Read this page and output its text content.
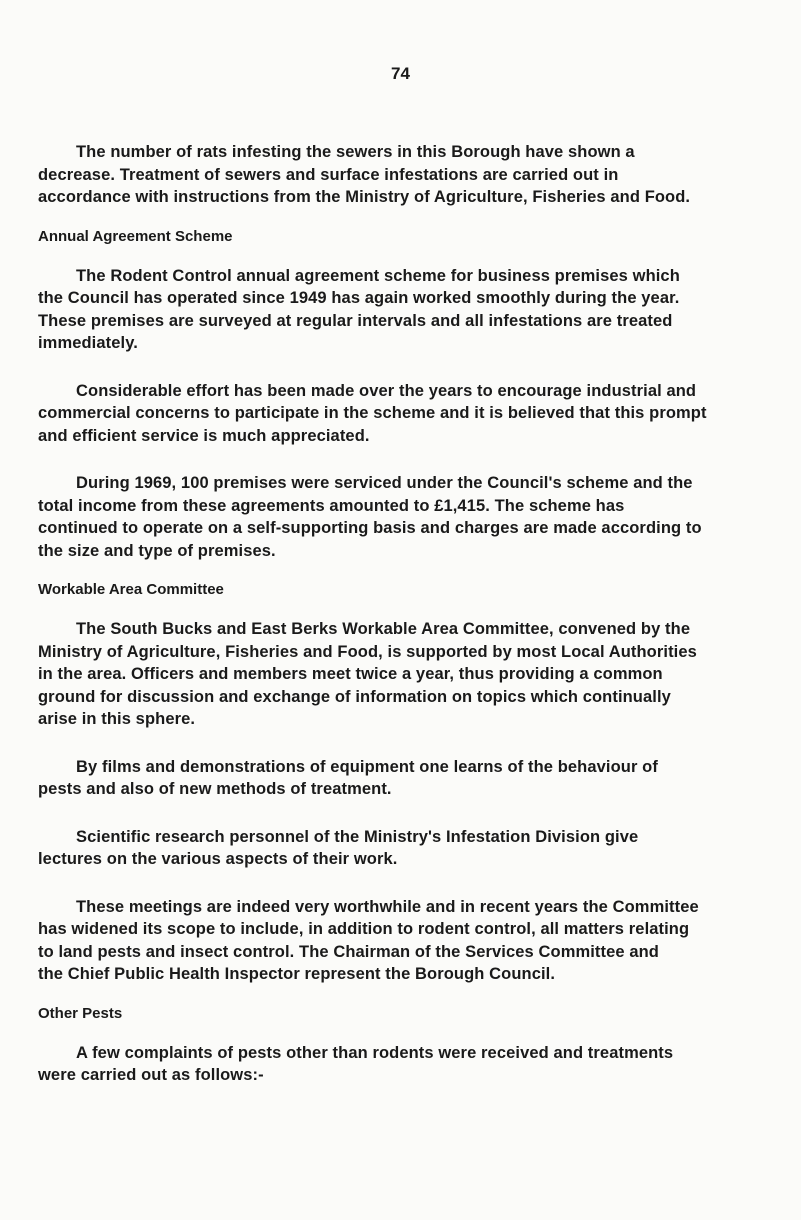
74
The number of rats infesting the sewers in this Borough have shown a
decrease. Treatment of sewers and surface infestations are carried out in
accordance with instructions from the Ministry of Agriculture, Fisheries and Food.
Annual Agreement Scheme
The Rodent Control annual agreement scheme for business premises which
the Council has operated since 1949 has again worked smoothly during the year.
These premises are surveyed at regular intervals and all infestations are treated
immediately.
Considerable effort has been made over the years to encourage industrial and
commercial concerns to participate in the scheme and it is believed that this prompt
and efficient service is much appreciated.
During 1969, 100 premises were serviced under the Council's scheme and the
total income from these agreements amounted to £1,415. The scheme has
continued to operate on a self-supporting basis and charges are made according to
the size and type of premises.
Workable Area Committee
The South Bucks and East Berks Workable Area Committee, convened by the
Ministry of Agriculture, Fisheries and Food, is supported by most Local Authorities
in the area. Officers and members meet twice a year, thus providing a common
ground for discussion and exchange of information on topics which continually
arise in this sphere.
By films and demonstrations of equipment one learns of the behaviour of
pests and also of new methods of treatment.
Scientific research personnel of the Ministry's Infestation Division give
lectures on the various aspects of their work.
These meetings are indeed very worthwhile and in recent years the Committee
has widened its scope to include, in addition to rodent control, all matters relating
to land pests and insect control. The Chairman of the Services Committee and
the Chief Public Health Inspector represent the Borough Council.
Other Pests
A few complaints of pests other than rodents were received and treatments
were carried out as follows:-
